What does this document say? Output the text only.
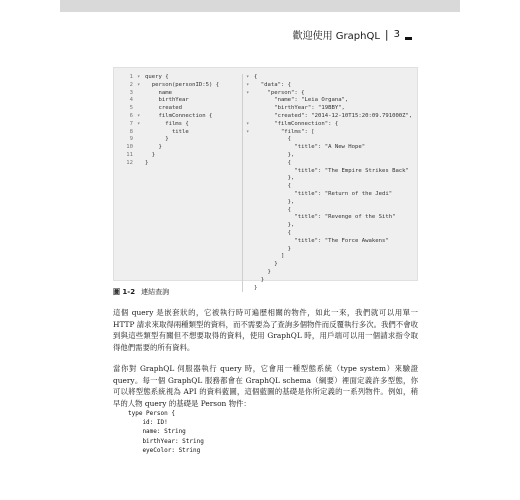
歡迎使用 GraphQL | 3
1 ▾ query {
2 ▾ person(personID:5) {
3 name
4 birthYear
5 created
6 ▾ filmConnection {
7 ▾ films {
8 title
9 }
10 }
11 }
12 }
▾ {
▾ "data": {
▾ "person": {
"name": "Leia Organa",
"birthYear": "19BBY",
"created": "2014-12-10T15:20:09.791000Z",
▾ "filmConnection": {
▾ "films": [
{
"title": "A New Hope"
},
{
"title": "The Empire Strikes Back"
},
{
"title": "Return of the Jedi"
},
{
"title": "Revenge of the Sith"
},
{
"title": "The Force Awakens"
}
]
}
}
}
}
圖 1-2 連結查詢

這個 query 是嵌套狀的，它被執行時可遍歷相關的物件，如此一來，我們就可以用單一 HTTP 請求來取得兩種類型的資料，而不需要為了查詢多個物件而反覆執行多次。我們不會收到與這些類型有關但不想要取得的資料，使用 GraphQL 時，用戶端可以用一個請求指令取得他們需要的所有資料。

當你對 GraphQL 伺服器執行 query 時，它會用一種型態系統（type system）來驗證 query。每一個 GraphQL 服務都會在 GraphQL schema（綱要）裡面定義許多型態，你可以將型態系統視為 API 的資料藍圖，這個藍圖的基礎是你所定義的一系列物件。例如，稍早的人物 query 的基礎是 Person 物件：

type Person {
id: ID!
name: String
birthYear: String
eyeColor: String
